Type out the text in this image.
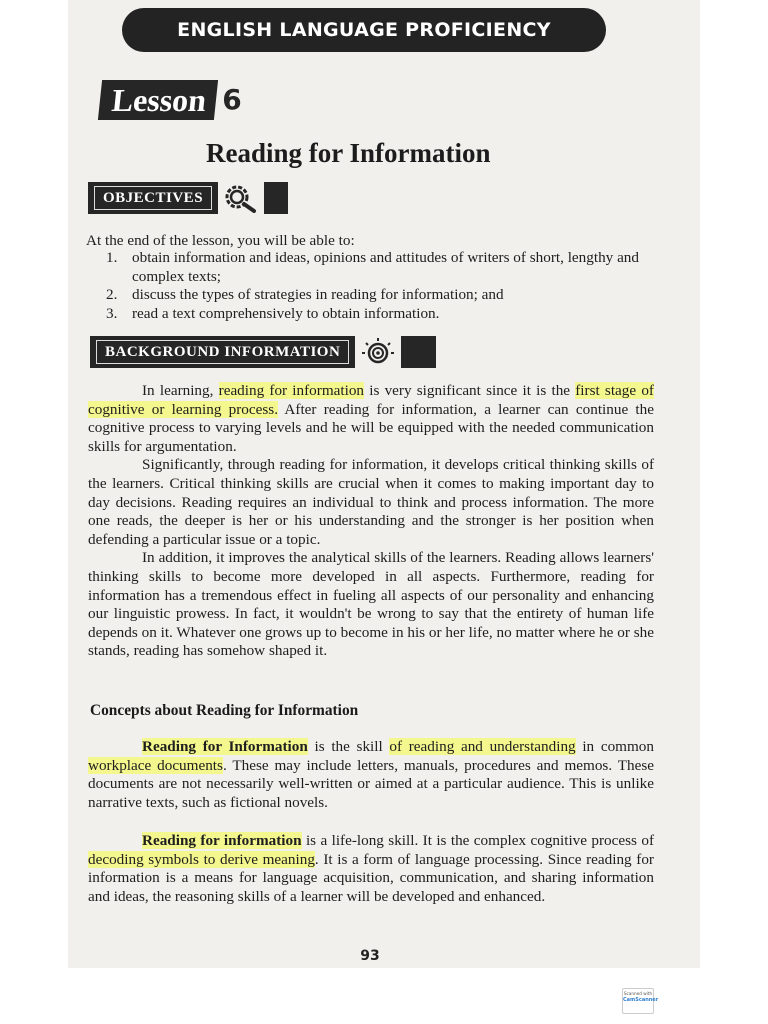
ENGLISH LANGUAGE PROFICIENCY
Lesson 6
Reading for Information
OBJECTIVES
At the end of the lesson, you will be able to:
1. obtain information and ideas, opinions and attitudes of writers of short, lengthy and complex texts;
2. discuss the types of strategies in reading for information; and
3. read a text comprehensively to obtain information.
BACKGROUND INFORMATION

In learning, reading for information is very significant since it is the first stage of cognitive or learning process. After reading for information, a learner can continue the cognitive process to varying levels and he will be equipped with the needed communication skills for argumentation.

Significantly, through reading for information, it develops critical thinking skills of the learners. Critical thinking skills are crucial when it comes to making important day to day decisions. Reading requires an individual to think and process information. The more one reads, the deeper is her or his understanding and the stronger is her position when defending a particular issue or a topic.

In addition, it improves the analytical skills of the learners. Reading allows learners' thinking skills to become more developed in all aspects. Furthermore, reading for information has a tremendous effect in fueling all aspects of our personality and enhancing our linguistic prowess. In fact, it wouldn't be wrong to say that the entirety of human life depends on it. Whatever one grows up to become in his or her life, no matter where he or she stands, reading has somehow shaped it.

Concepts about Reading for Information

Reading for Information is the skill of reading and understanding in common workplace documents. These may include letters, manuals, procedures and memos. These documents are not necessarily well-written or aimed at a particular audience. This is unlike narrative texts, such as fictional novels.

Reading for information is a life-long skill. It is the complex cognitive process of decoding symbols to derive meaning. It is a form of language processing. Since reading for information is a means for language acquisition, communication, and sharing information and ideas, the reasoning skills of a learner will be developed and enhanced.

93
Scanned with
CamScanner
